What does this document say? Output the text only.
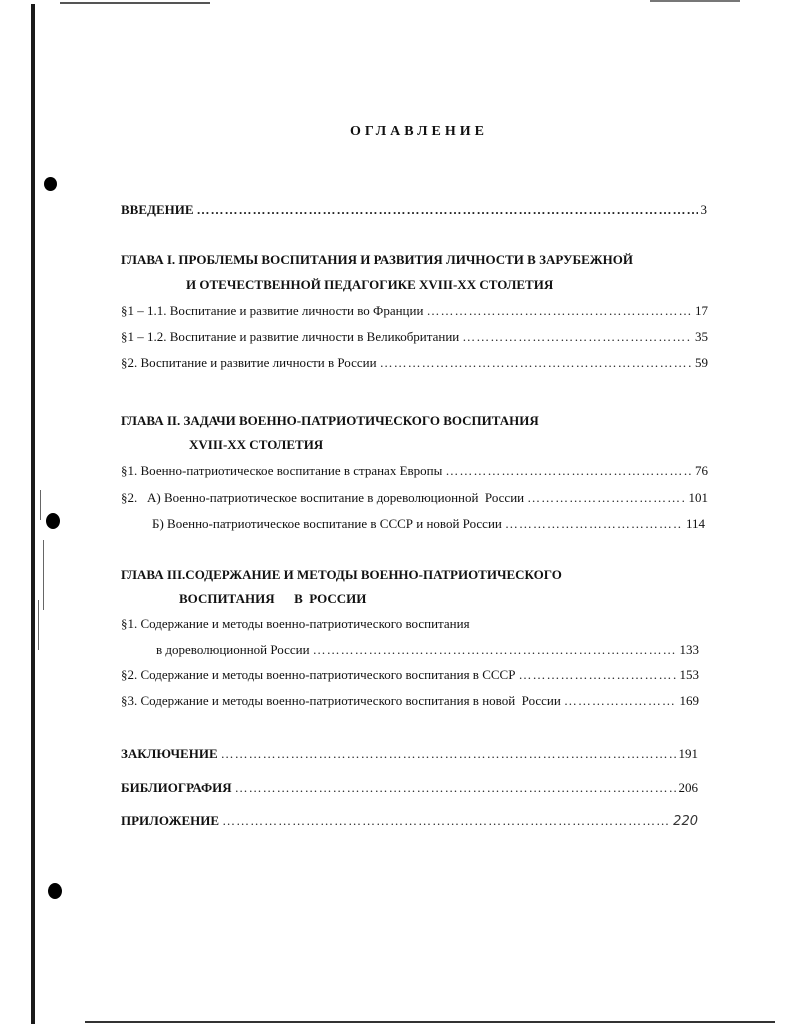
ОГЛАВЛЕНИЕ
ВВЕДЕНИЕ …………………………………………………………………………………………………………………………	3
ГЛАВА I. ПРОБЛЕМЫ ВОСПИТАНИЯ И РАЗВИТИЯ ЛИЧНОСТИ В ЗАРУБЕЖНОЙ
И ОТЕЧЕСТВЕННОЙ ПЕДАГОГИКЕ XVIII-XX СТОЛЕТИЯ
§1 – 1.1. Воспитание и развитие личности во Франции …………………………………………………………………………………………………………………………	17
§1 – 1.2. Воспитание и развитие личности в Великобритании …………………………………………………………………………………………………………………………	35
§2. Воспитание и развитие личности в России …………………………………………………………………………………………………………………………	59
ГЛАВА II. ЗАДАЧИ ВОЕННО-ПАТРИОТИЧЕСКОГО ВОСПИТАНИЯ
XVIII-XX СТОЛЕТИЯ
§1. Военно-патриотическое воспитание в странах Европы …………………………………………………………………………………………………………………………	76
§2.   А) Военно-патриотическое воспитание в дореволюционной  России …………………………………………………………………………………………………………………………	101
Б) Военно-патриотическое воспитание в СССР и новой России …………………………………………………………………………………………………………………………	114
ГЛАВА III.СОДЕРЖАНИЕ И МЕТОДЫ ВОЕННО-ПАТРИОТИЧЕСКОГО
ВОСПИТАНИЯ      В  РОССИИ
§1. Содержание и методы военно-патриотического воспитания
в дореволюционной России …………………………………………………………………………………………………………………………	133
§2. Содержание и методы военно-патриотического воспитания в СССР …………………………………………………………………………………………………………………………	153
§3. Содержание и методы военно-патриотического воспитания в новой  России …………………………………………………………………………………………………………………………	169
ЗАКЛЮЧЕНИЕ …………………………………………………………………………………………………………………………	191
БИБЛИОГРАФИЯ …………………………………………………………………………………………………………………………	206
ПРИЛОЖЕНИЕ …………………………………………………………………………………………………………………………	220
